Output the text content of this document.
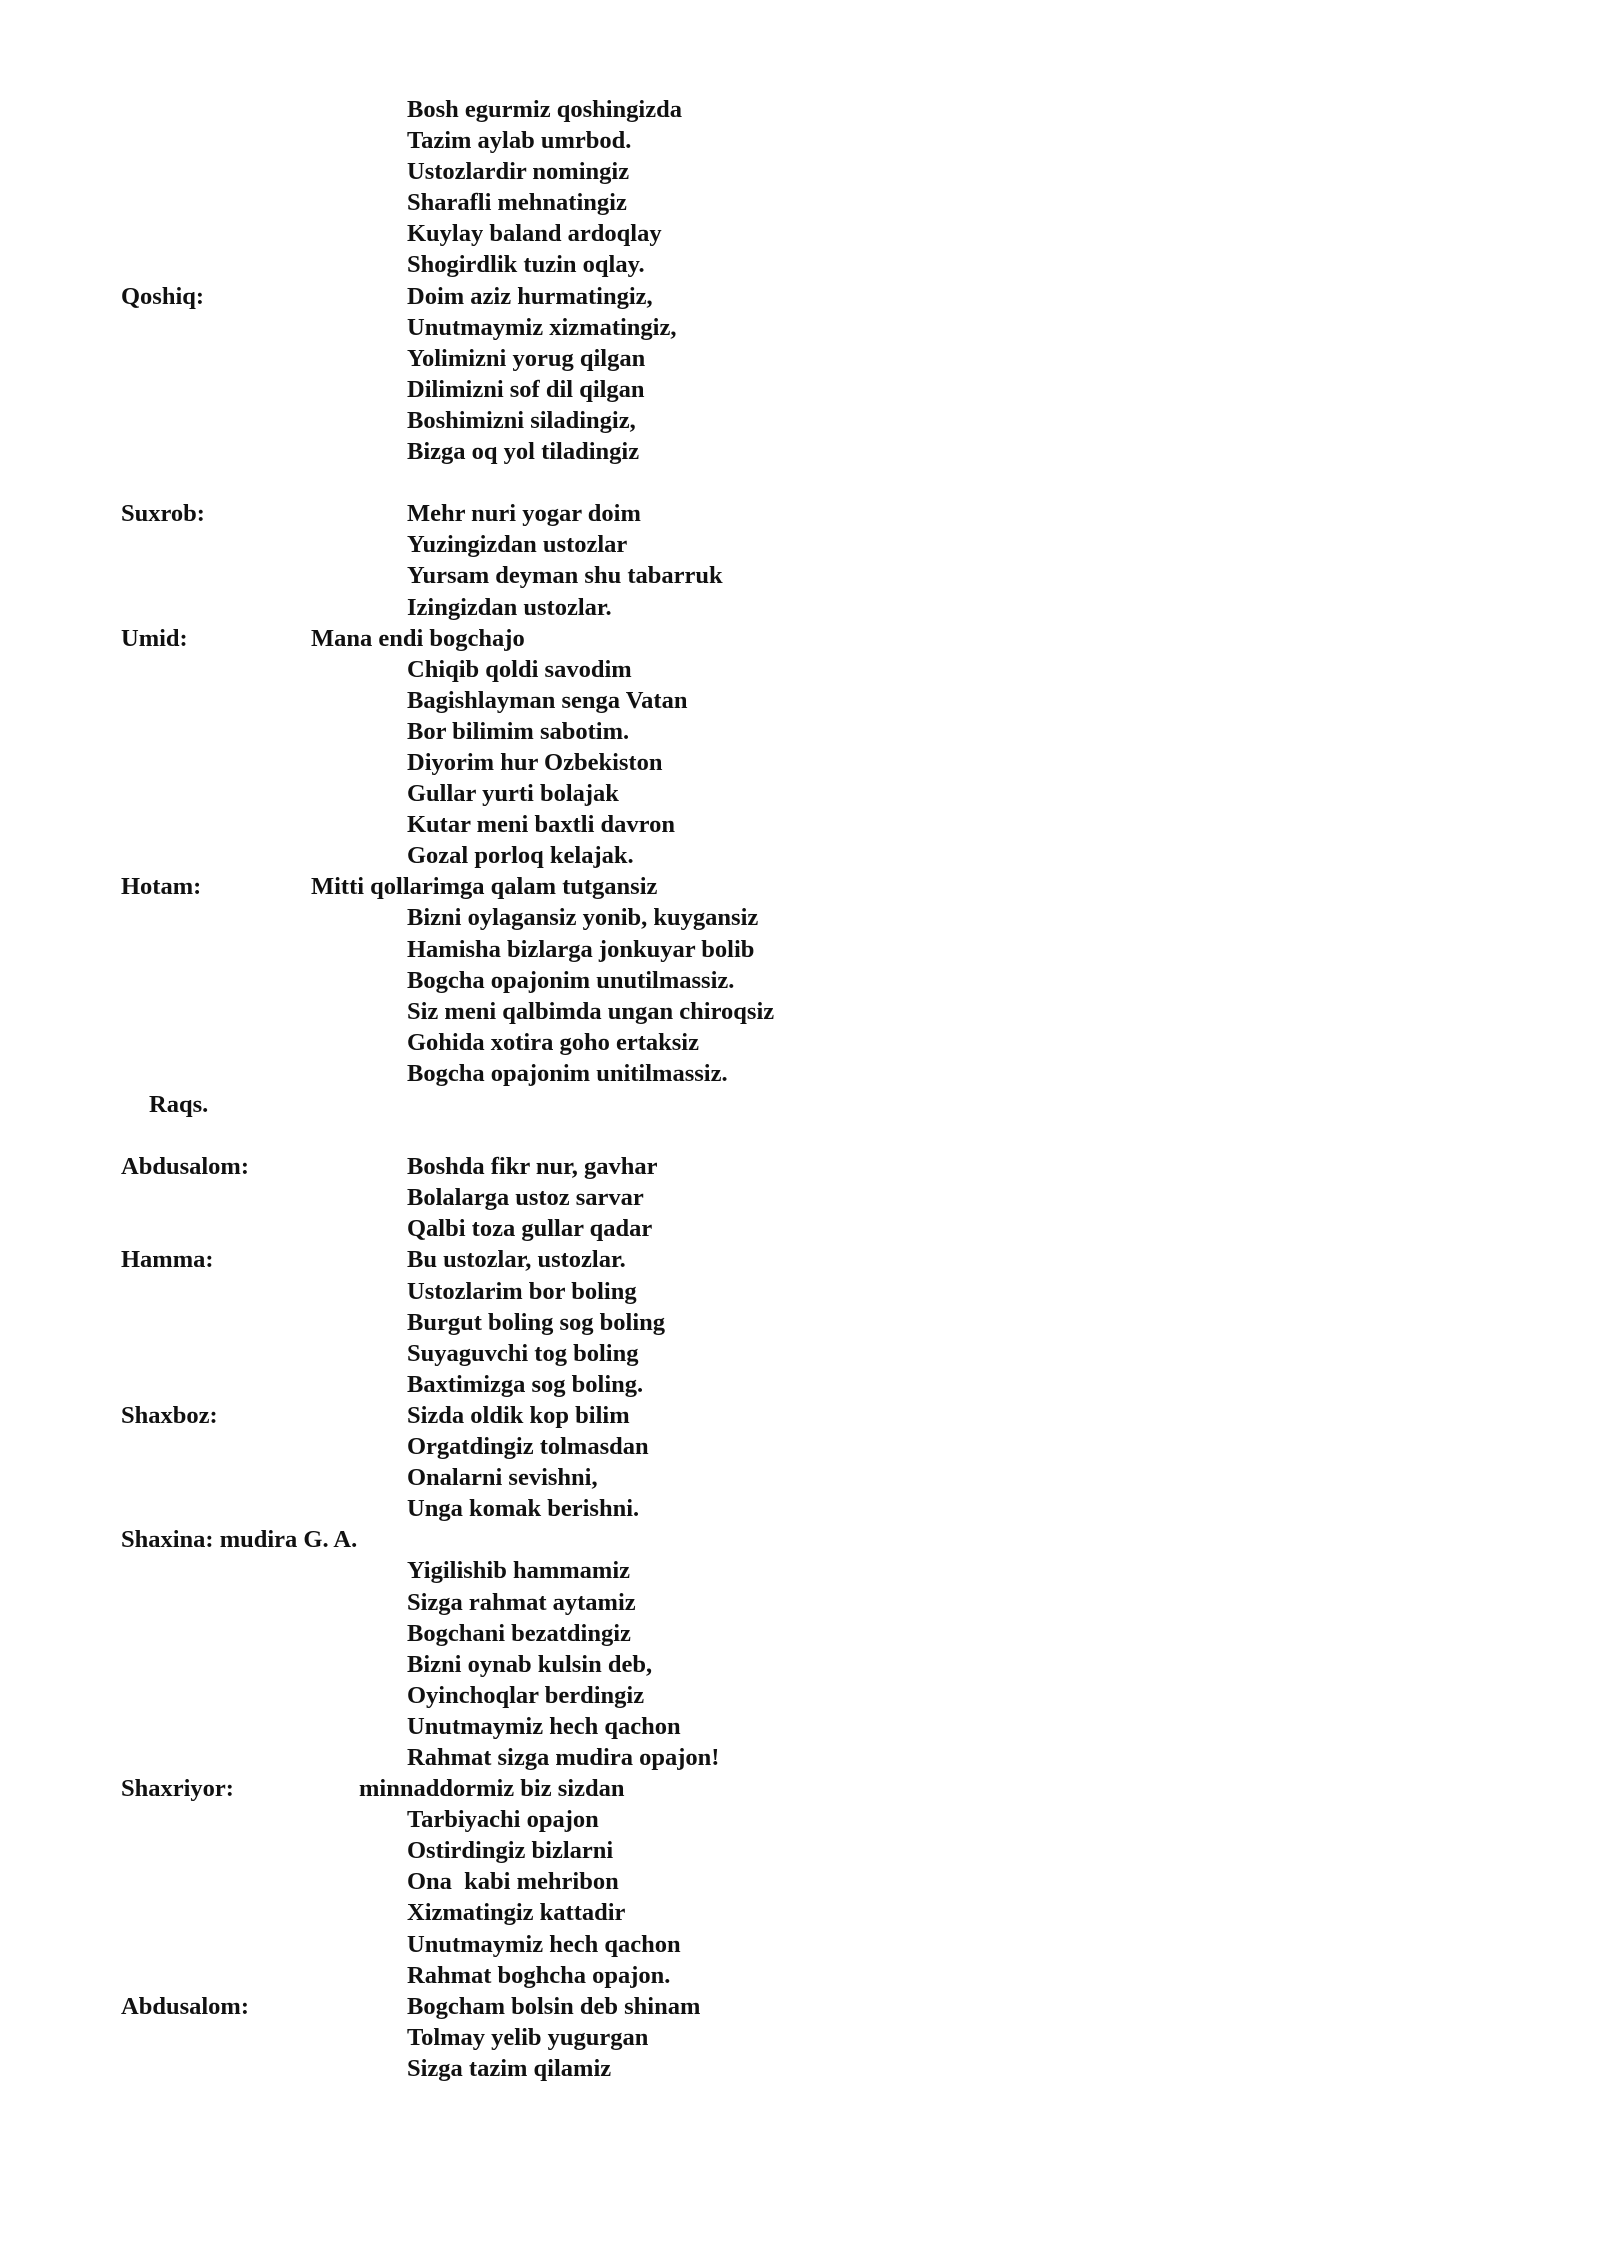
Bosh egurmiz qoshingizda
Tazim aylab umrbod.
Ustozlardir nomingiz
Sharafli mehnatingiz
Kuylay baland ardoqlay
Shogirdlik tuzin oqlay.
Qoshiq:	Doim aziz hurmatingiz,
Unutmaymiz xizmatingiz,
Yolimizni yorug qilgan
Dilimizni sof dil qilgan
Boshimizni siladingiz,
Bizga oq yol tiladingiz
Suxrob:	Mehr nuri yogar doim
Yuzingizdan ustozlar
Yursam deyman shu tabarruk
Izingizdan ustozlar.
Umid:	Mana endi bogchajo
Chiqib qoldi savodim
Bagishlayman senga Vatan
Bor bilimim sabotim.
Diyorim hur Ozbekiston
Gullar yurti bolajak
Kutar meni baxtli davron
Gozal porloq kelajak.
Hotam:	Mitti qollarimga qalam tutgansiz
Bizni oylagansiz yonib, kuygansiz
Hamisha bizlarga jonkuyar bolib
Bogcha opajonim unutilmassiz.
Siz meni qalbimda ungan chiroqsiz
Gohida xotira goho ertaksiz
Bogcha opajonim unitilmassiz.
Raqs.
Abdusalom:	Boshda fikr nur, gavhar
Bolalarga ustoz sarvar
Qalbi toza gullar qadar
Hamma:	Bu ustozlar, ustozlar.
Ustozlarim bor boling
Burgut boling sog boling
Suyaguvchi tog boling
Baxtimizga sog boling.
Shaxboz:	Sizda oldik kop bilim
Orgatdingiz tolmasdan
Onalarni sevishni,
Unga komak berishni.
Shaxina: mudira G. A.
Yigilishib hammamiz
Sizga rahmat aytamiz
Bogchani bezatdingiz
Bizni oynab kulsin deb,
Oyinchoqlar berdingiz
Unutmaymiz hech qachon
Rahmat sizga mudira opajon!
Shaxriyor:	minnaddormiz biz sizdan
Tarbiyachi opajon
Ostirdingiz bizlarni
Ona  kabi mehribon
Xizmatingiz kattadir
Unutmaymiz hech qachon
Rahmat boghcha opajon.
Abdusalom:	Bogcham bolsin deb shinam
Tolmay yelib yugurgan
Sizga tazim qilamiz
